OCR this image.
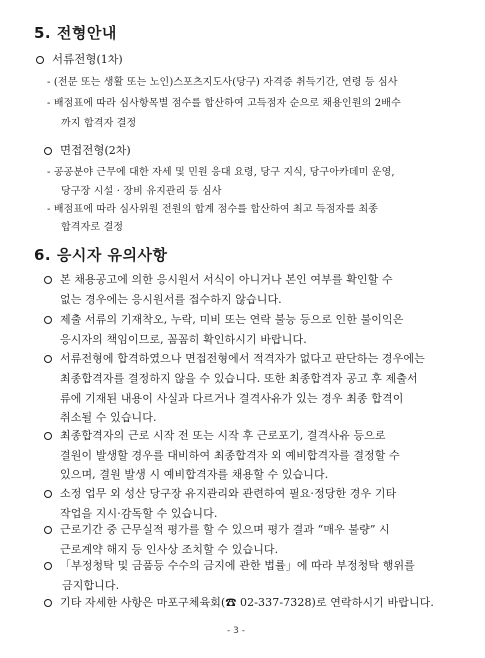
5. 전형안내
서류전형(1차)
- (전문 또는 생활 또는 노인)스포츠지도사(당구) 자격증 취득기간, 연령 등 심사
- 배점표에 따라 심사항목별 점수를 합산하여 고득점자 순으로 채용인원의 2배수
까지 합격자 결정
면접전형(2차)
- 공공분야 근무에 대한 자세 및 민원 응대 요령, 당구 지식, 당구아카데미 운영,
당구장 시설 · 장비 유지관리 등 심사
- 배점표에 따라 심사위원 전원의 합계 점수를 합산하여 최고 득점자를 최종
합격자로 결정
6. 응시자 유의사항
본 채용공고에 의한 응시원서 서식이 아니거나 본인 여부를 확인할 수
없는 경우에는 응시원서를 접수하지 않습니다.
제출 서류의 기재착오, 누락, 미비 또는 연락 불능 등으로 인한 불이익은
응시자의 책임이므로, 꼼꼼히 확인하시기 바랍니다.
서류전형에 합격하였으나 면접전형에서 적격자가 없다고 판단하는 경우에는
최종합격자를 결정하지 않을 수 있습니다. 또한 최종합격자 공고 후 제출서
류에 기재된 내용이 사실과 다르거나 결격사유가 있는 경우 최종 합격이
취소될 수 있습니다.
최종합격자의 근로 시작 전 또는 시작 후 근로포기, 결격사유 등으로
결원이 발생할 경우를 대비하여 최종합격자 외 예비합격자를 결정할 수
있으며, 결원 발생 시 예비합격자를 채용할 수 있습니다.
소정 업무 외 성산 당구장 유지관리와 관련하여 필요·정당한 경우 기타
작업을 지시·감독할 수 있습니다.
근로기간 중 근무실적 평가를 할 수 있으며 평가 결과 “매우 불량” 시
근로계약 해지 등 인사상 조치할 수 있습니다.
「부정청탁 및 금품등 수수의 금지에 관한 법률」에 따라 부정청탁 행위를
금지합니다.
기타 자세한 사항은 마포구체육회(☎ 02-337-7328)로 연락하시기 바랍니다.
- 3 -
